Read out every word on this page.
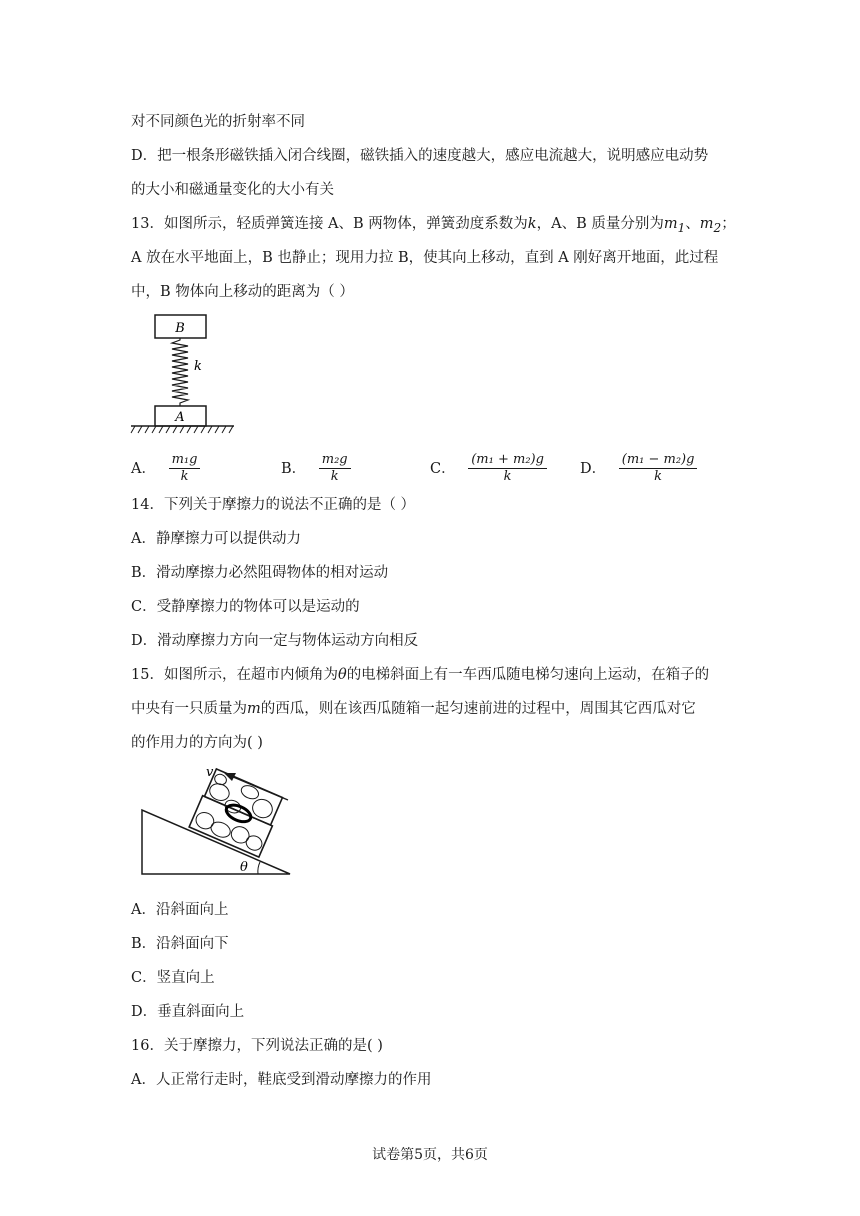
对不同颜色光的折射率不同
D．把一根条形磁铁插入闭合线圈，磁铁插入的速度越大，感应电流越大，说明感应电动势
的大小和磁通量变化的大小有关
13．如图所示，轻质弹簧连接 A、B 两物体，弹簧劲度系数为k，A、B 质量分别为$m_1$、$m_2$；
A 放在水平地面上，B 也静止；现用力拉 B，使其向上移动，直到 A 刚好离开地面，此过程
中，B 物体向上移动的距离为（ ）
B
k
A
A． $\frac{\text{m₁g}}{k}$	B． $\frac{\text{m₂g}}{k}$	C． $\frac{\text{(m₁ + m₂)g}}{k}$ D． $\frac{\text{(m₁ − m₂)g}}{k}$
14．下列关于摩擦力的说法不正确的是（ ）
A．静摩擦力可以提供动力
B．滑动摩擦力必然阻碍物体的相对运动
C．受静摩擦力的物体可以是运动的
D．滑动摩擦力方向一定与物体运动方向相反
15．如图所示，在超市内倾角为θ的电梯斜面上有一车西瓜随电梯匀速向上运动，在箱子的
中央有一只质量为m的西瓜，则在该西瓜随箱一起匀速前进的过程中，周围其它西瓜对它
的作用力的方向为( )
θ
v
A．沿斜面向上
B．沿斜面向下
C．竖直向上
D．垂直斜面向上
16．关于摩擦力，下列说法正确的是( )
A．人正常行走时，鞋底受到滑动摩擦力的作用
试卷第5页，共6页
